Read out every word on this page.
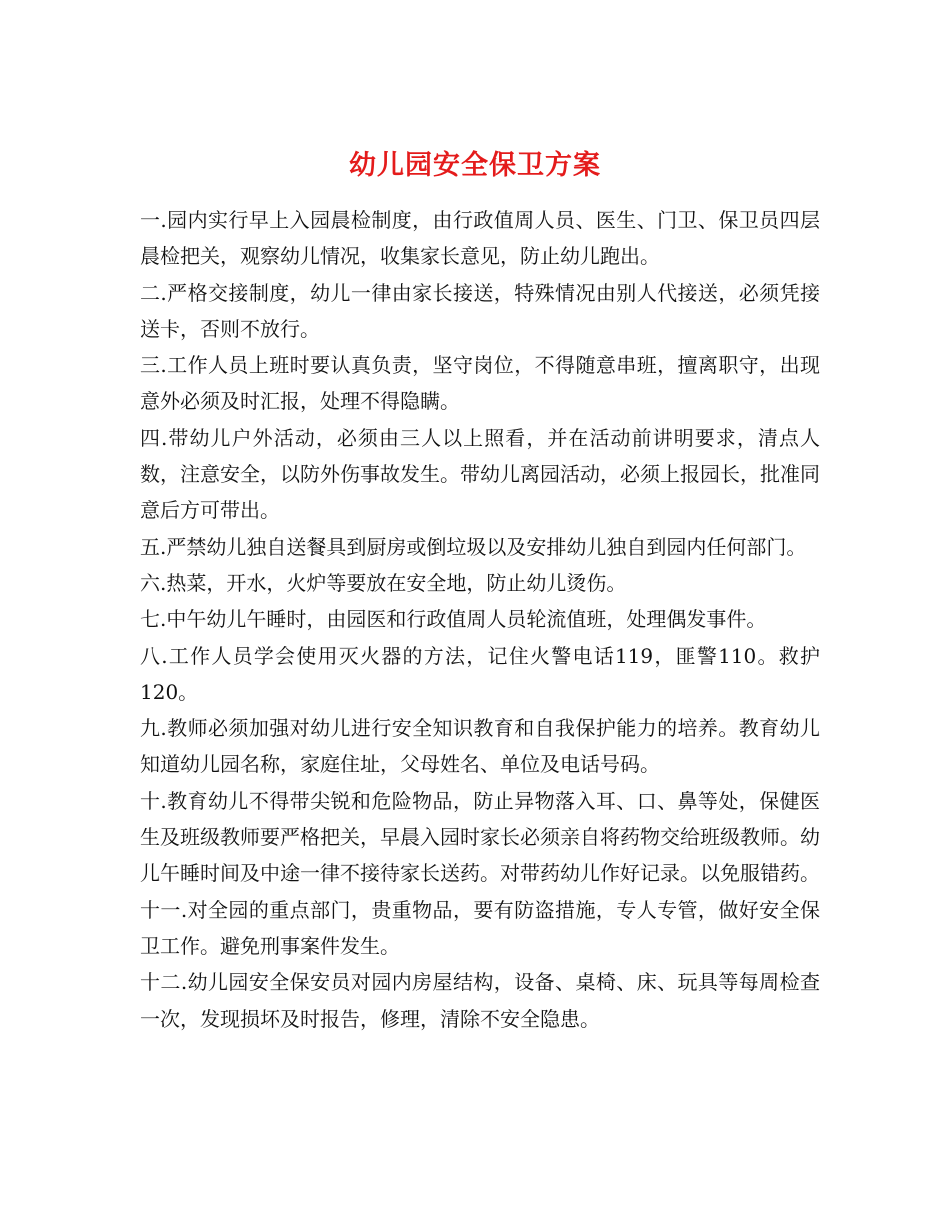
幼儿园安全保卫方案

一.园内实行早上入园晨检制度，由行政值周人员、医生、门卫、保卫员四层晨检把关，观察幼儿情况，收集家长意见，防止幼儿跑出。

二.严格交接制度，幼儿一律由家长接送，特殊情况由别人代接送，必须凭接送卡，否则不放行。

三.工作人员上班时要认真负责，坚守岗位，不得随意串班，擅离职守，出现意外必须及时汇报，处理不得隐瞒。

四.带幼儿户外活动，必须由三人以上照看，并在活动前讲明要求，清点人数，注意安全，以防外伤事故发生。带幼儿离园活动，必须上报园长，批准同意后方可带出。

五.严禁幼儿独自送餐具到厨房或倒垃圾以及安排幼儿独自到园内任何部门。

六.热菜，开水，火炉等要放在安全地，防止幼儿烫伤。

七.中午幼儿午睡时，由园医和行政值周人员轮流值班，处理偶发事件。

八.工作人员学会使用灭火器的方法，记住火警电话119，匪警110。救护120。

九.教师必须加强对幼儿进行安全知识教育和自我保护能力的培养。教育幼儿知道幼儿园名称，家庭住址，父母姓名、单位及电话号码。

十.教育幼儿不得带尖锐和危险物品，防止异物落入耳、口、鼻等处，保健医生及班级教师要严格把关，早晨入园时家长必须亲自将药物交给班级教师。幼儿午睡时间及中途一律不接待家长送药。对带药幼儿作好记录。以免服错药。

十一.对全园的重点部门，贵重物品，要有防盗措施，专人专管，做好安全保卫工作。避免刑事案件发生。

十二.幼儿园安全保安员对园内房屋结构，设备、桌椅、床、玩具等每周检查一次，发现损坏及时报告，修理，清除不安全隐患。
